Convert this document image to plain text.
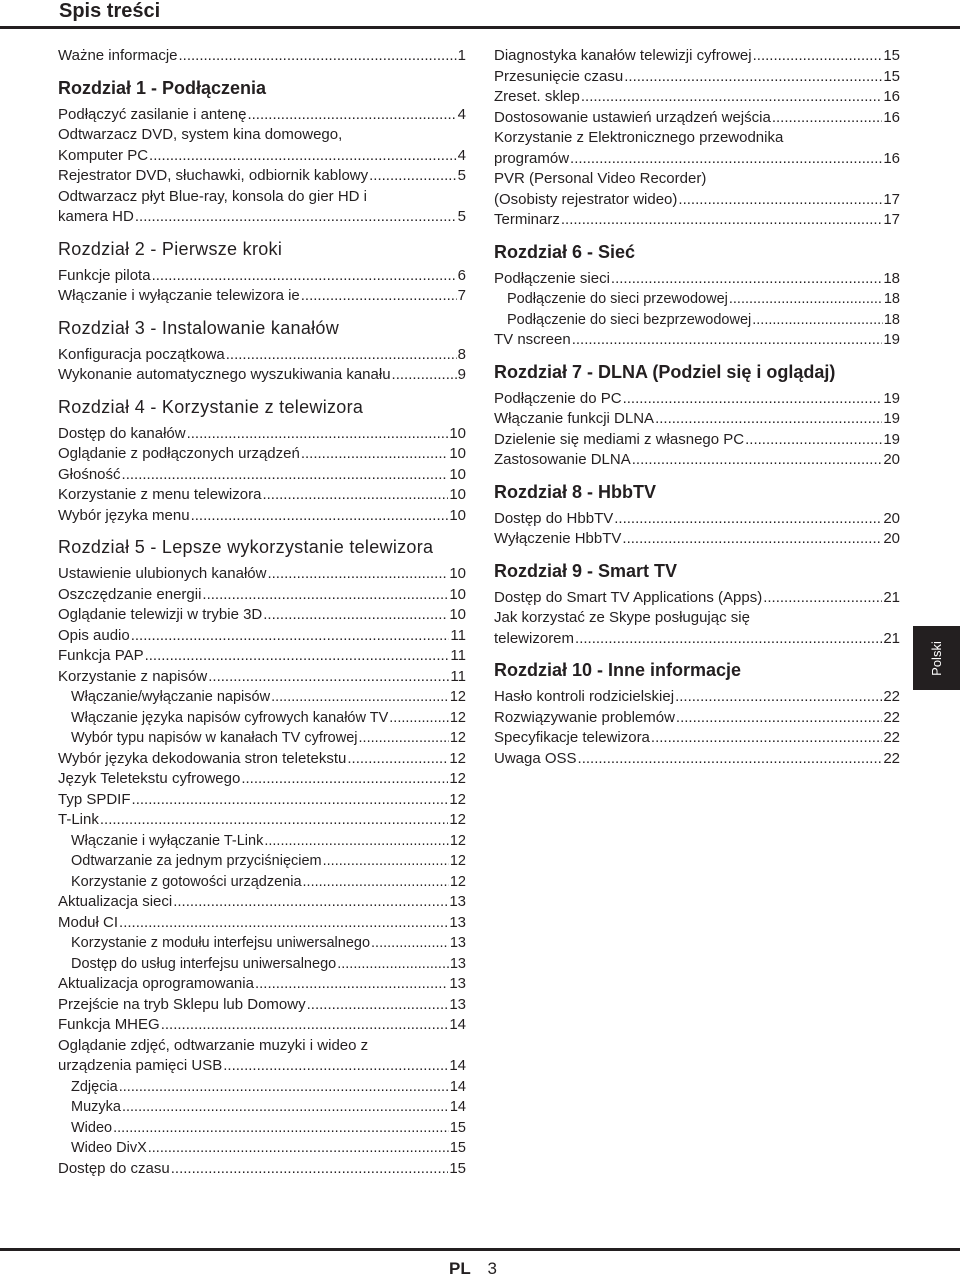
Spis treści
Ważne informacje .....	1
Rozdział 1 - Podłączenia
Podłączyć zasilanie i antenę .....	4
Odtwarzacz DVD, system kina domowego,
Komputer PC .....	4
Rejestrator DVD, słuchawki, odbiornik kablowy .....	5
Odtwarzacz płyt Blue-ray, konsola do gier HD i
kamera HD .....	5
Rozdział 2 - Pierwsze kroki
Funkcje pilota .....	6
Włączanie i wyłączanie telewizora ie .....	7
Rozdział 3 - Instalowanie kanałów
Konfiguracja początkowa .....	8
Wykonanie automatycznego wyszukiwania kanału .....	9
Rozdział 4 - Korzystanie z telewizora
Dostęp do kanałów .....	10
Oglądanie z podłączonych urządzeń .....	10
Głośność .....	10
Korzystanie z menu telewizora .....	10
Wybór języka menu .....	10
Rozdział 5 - Lepsze wykorzystanie telewizora
Ustawienie ulubionych kanałów .....	10
Oszczędzanie energii .....	10
Oglądanie telewizji w trybie 3D .....	10
Opis audio .....	11
Funkcja PAP .....	11
Korzystanie z napisów .....	11
Włączanie/wyłączanie napisów .....	12
Włączanie języka napisów cyfrowych kanałów TV .....	12
Wybór typu napisów w kanałach TV cyfrowej .....	12
Wybór języka dekodowania stron teletekstu .....	12
Język Teletekstu cyfrowego .....	12
Typ SPDIF .....	12
T-Link .....	12
Włączanie i wyłączanie T-Link .....	12
Odtwarzanie za jednym przyciśnięciem .....	12
Korzystanie z gotowości urządzenia .....	12
Aktualizacja sieci .....	13
Moduł CI .....	13
Korzystanie z modułu interfejsu uniwersalnego .....	13
Dostęp do usług interfejsu uniwersalnego .....	13
Aktualizacja oprogramowania .....	13
Przejście na tryb Sklepu lub Domowy .....	13
Funkcja MHEG .....	14
Oglądanie zdjęć, odtwarzanie muzyki i wideo z
urządzenia pamięci USB .....	14
Zdjęcia .....	14
Muzyka .....	14
Wideo .....	15
Wideo DivX .....	15
Dostęp do czasu .....	15
Diagnostyka kanałów telewizji cyfrowej .....	15
Przesunięcie czasu .....	15
Zreset. sklep .....	16
Dostosowanie ustawień urządzeń wejścia .....	16
Korzystanie z Elektronicznego przewodnika
programów .....	16
PVR (Personal Video Recorder)
(Osobisty rejestrator wideo) .....	17
Terminarz .....	17
Rozdział 6 - Sieć
Podłączenie sieci .....	18
Podłączenie do sieci przewodowej .....	18
Podłączenie do sieci bezprzewodowej .....	18
TV nscreen .....	19
Rozdział 7 - DLNA (Podziel się i oglądaj)
Podłączenie do PC .....	19
Włączanie funkcji DLNA .....	19
Dzielenie się mediami z własnego PC .....	19
Zastosowanie DLNA .....	20
Rozdział 8 - HbbTV
Dostęp do HbbTV .....	20
Wyłączenie HbbTV .....	20
Rozdział 9 - Smart TV
Dostęp do Smart TV Applications (Apps) .....	21
Jak korzystać ze Skype posługując się
telewizorem .....	21
Rozdział 10 - Inne informacje
Hasło kontroli rodzicielskiej .....	22
Rozwiązywanie problemów .....	22
Specyfikacje telewizora .....	22
Uwaga OSS .....	22
Polski
PL 3
